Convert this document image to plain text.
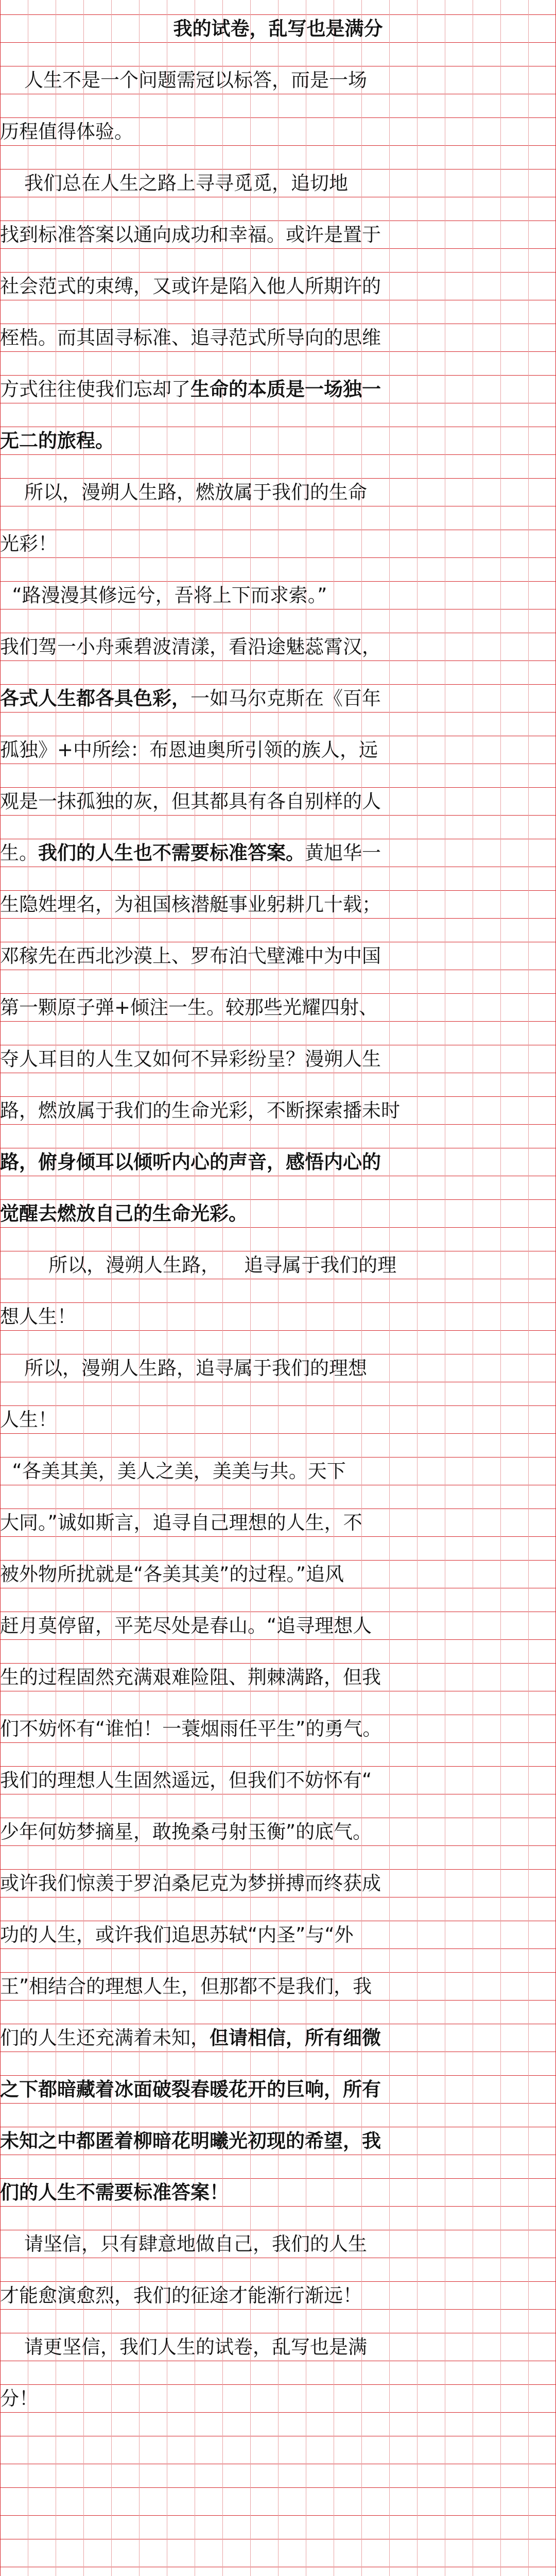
我的试卷，乱写也是满分
人生不是一个问题需冠以标答，而是一场
历程值得体验。
我们总在人生之路上寻寻觅觅，追切地
找到标准答案以通向成功和幸福。或许是置于
社会范式的束缚，又或许是陷入他人所期许的
桎梏。而其固寻标准、追寻范式所导向的思维
方式往往使我们忘却了 生命的本质是一场独一
无二的旅程。
所以，漫朔人生路，燃放属于我们的生命
光彩！
“路漫漫其修远兮，吾将上下而求索。”
我们驾一小舟乘碧波清漾，看沿途魅蕊霄汉，
各式人生都各具色彩， 一如马尔克斯在《百年
孤独》+中所绘：布恩迪奥所引领的族人，远
观是一抹孤独的灰，但其都具有各自别样的人
生。 我们的人生也不需要标准答案。 黄旭华一
生隐姓埋名，为祖国核潜艇事业躬耕几十载；
邓稼先在西北沙漠上、罗布泊弋壁滩中为中国
第一颗原子弹+倾注一生。较那些光耀四射、
夺人耳目的人生又如何不异彩纷呈？漫朔人生
路，燃放属于我们的生命光彩，不断探索播未时
路， 俯身倾耳以倾听内心的声音，感悟内心的
觉醒去燃放自己的生命光彩。
所以，漫朔人生路，    追寻属于我们的理
想人生！
所以，漫朔人生路，追寻属于我们的理想
人生！
“各美其美，美人之美，美美与共。天下
大同。”诚如斯言，追寻自己理想的人生，不
被外物所扰就是“各美其美”的过程。”追风
赶月莫停留，平芜尽处是春山。“追寻理想人
生的过程固然充满艰难险阻、荆棘满路，但我
们不妨怀有“谁怕！一蓑烟雨任平生”的勇气。
我们的理想人生固然遥远，但我们不妨怀有“
少年何妨梦摘星，敢挽桑弓射玉衡”的底气。
或许我们惊羡于罗泊桑尼克为梦拼搏而终获成
功的人生，或许我们追思苏轼“内圣”与“外
王”相结合的理想人生，但那都不是我们，我
们的人生还充满着未知， 但请相信，所有细微
之下都暗藏着冰面破裂春暖花开的巨响，所有
未知之中都匿着柳暗花明曦光初现的希望，我
们的人生不需要标准答案！
请坚信，只有肆意地做自己，我们的人生
才能愈演愈烈，我们的征途才能渐行渐远！
请更坚信，我们人生的试卷，乱写也是满
分！
